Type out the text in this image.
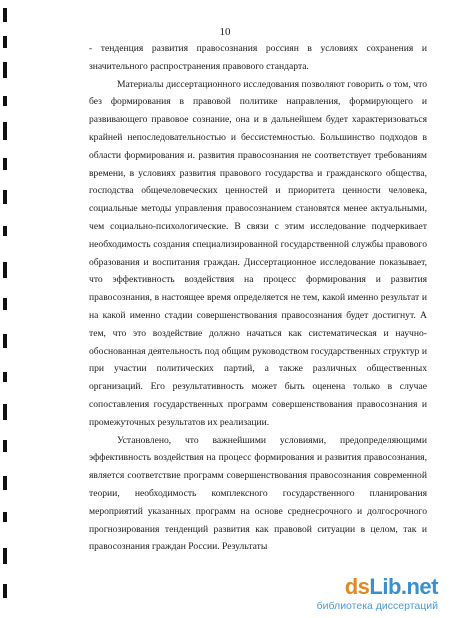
10

- тенденция развития правосознания россиян в условиях сохранения и значительного распространения правового стандарта.

Материалы диссертационного исследования позволяют говорить о том, что без формирования в правовой политике направления, формирующего и развивающего правовое сознание, она и в дальнейшем будет характеризоваться крайней непоследовательностью и бессистемностью. Большинство подходов в области формирования и. развития правосознания не соответствует требованиям времени, в условиях развития правового государства и гражданского общества, господства общечеловеческих ценностей и приоритета ценности человека, социальные методы управления правосознанием становятся менее актуальными, чем социально-психологические. В связи с этим исследование подчеркивает необходимость создания специализированной государственной службы правового образования и воспитания граждан. Диссертационное исследование показывает, что эффективность воздействия на процесс формирования и развития правосознания, в настоящее время определяется не тем, какой именно результат и на какой именно стадии совершенствования правосознания будет достигнут. А тем, что это воздействие должно начаться как систематическая и научно-обоснованная деятельность под общим руководством государственных структур и при участии политических партий, а также различных общественных организаций. Его результативность может быть оценена только в случае сопоставления государственных программ совершенствования правосознания и промежуточных результатов их реализации.

Установлено, что важнейшими условиями, предопределяющими эффективность воздействия на процесс формирования и развития правосознания, является соответствие программ совершенствования правосознания современной теории, необходимость комплексного государственного планирования мероприятий указанных программ на основе среднесрочного и долгосрочного прогнозирования тенденций развития как правовой ситуации в целом, так и правосознания граждан России. Результаты

dsLib.net
библиотека диссертаций
